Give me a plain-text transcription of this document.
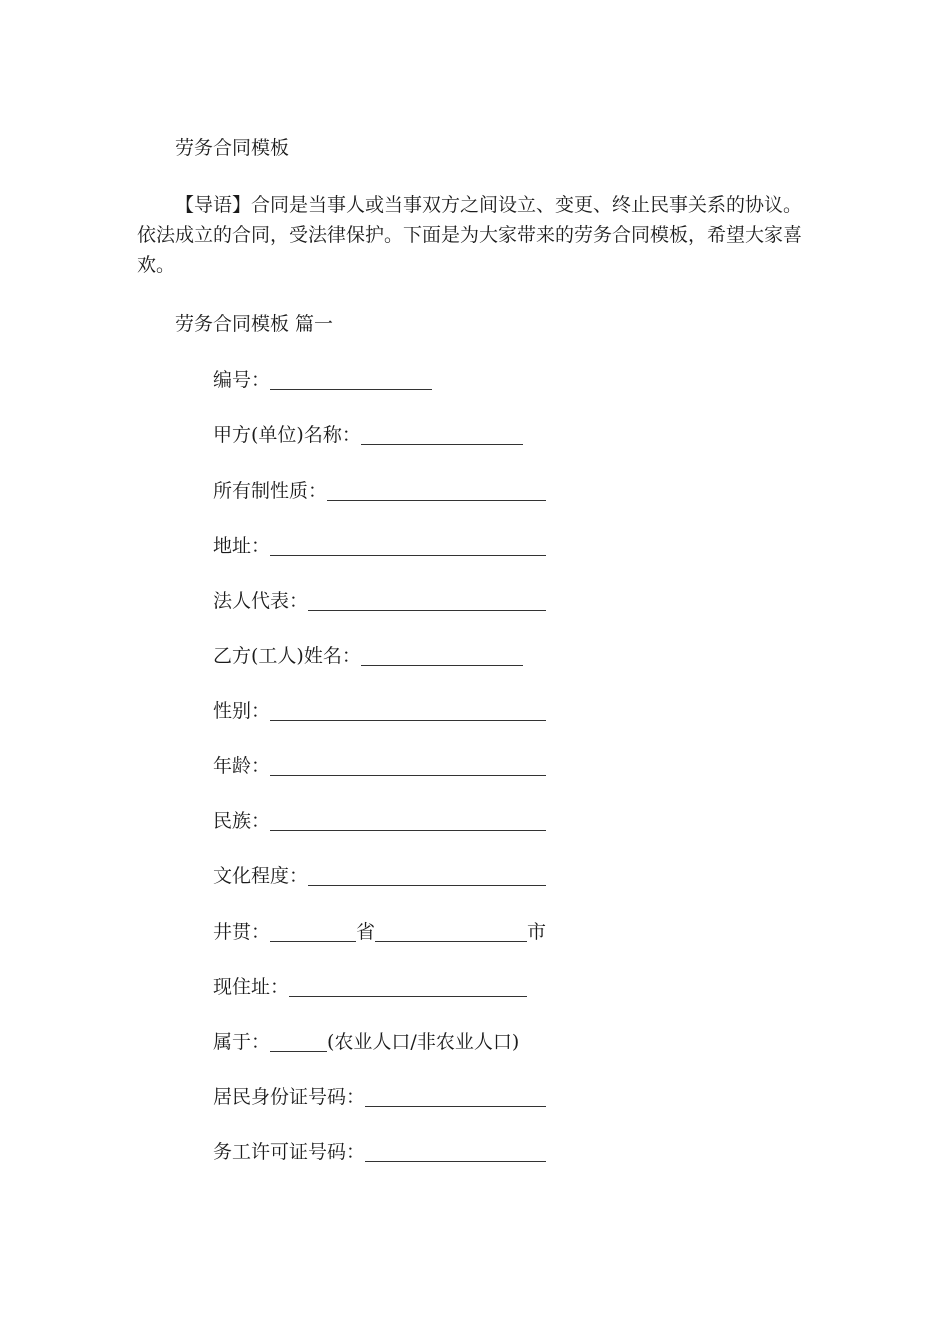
劳务合同模板
【导语】合同是当事人或当事双方之间设立、变更、终止民事关系的协议。依法成立的合同，受法律保护。下面是为大家带来的劳务合同模板，希望大家喜欢。
劳务合同模板 篇一
编号：
甲方(单位)名称：
所有制性质：
地址：
法人代表：
乙方(工人)姓名：
性别：
年龄：
民族：
文化程度：
井贯：	省	市
现住址：
属于：	(农业人口/非农业人口)
居民身份证号码：
务工许可证号码：
